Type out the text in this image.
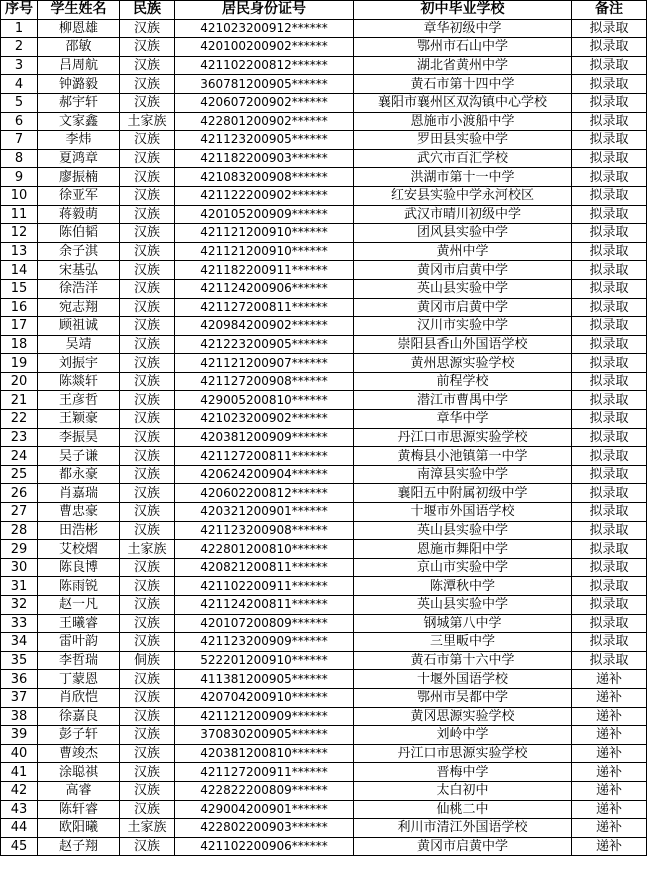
序号	学生姓名	民族	居民身份证号	初中毕业学校	备注
1	柳恩雄	汉族	421023200912******	章华初级中学	拟录取
2	邵敏	汉族	420100200902******	鄂州市石山中学	拟录取
3	吕周航	汉族	421102200812******	湖北省黄州中学	拟录取
4	钟潞毅	汉族	360781200905******	黄石市第十四中学	拟录取
5	郝宇轩	汉族	420607200902******	襄阳市襄州区双沟镇中心学校	拟录取
6	文家鑫	土家族	422801200902******	恩施市小渡船中学	拟录取
7	李炜	汉族	421123200905******	罗田县实验中学	拟录取
8	夏鸿章	汉族	421182200903******	武穴市百汇学校	拟录取
9	廖振楠	汉族	421083200908******	洪湖市第十一中学	拟录取
10	徐亚军	汉族	421122200902******	红安县实验中学永河校区	拟录取
11	蒋毅萌	汉族	420105200909******	武汉市晴川初级中学	拟录取
12	陈伯韬	汉族	421121200910******	团风县实验中学	拟录取
13	余子淇	汉族	421121200910******	黄州中学	拟录取
14	宋基弘	汉族	421182200911******	黄冈市启黄中学	拟录取
15	徐浩洋	汉族	421124200906******	英山县实验中学	拟录取
16	宛志翔	汉族	421127200811******	黄冈市启黄中学	拟录取
17	顾祖诚	汉族	420984200902******	汉川市实验中学	拟录取
18	吴靖	汉族	421223200905******	崇阳县香山外国语学校	拟录取
19	刘振宇	汉族	421121200907******	黄州思源实验学校	拟录取
20	陈燚轩	汉族	421127200908******	前程学校	拟录取
21	王彦哲	汉族	429005200810******	潜江市曹禺中学	拟录取
22	王颖豪	汉族	421023200902******	章华中学	拟录取
23	李振昊	汉族	420381200909******	丹江口市思源实验学校	拟录取
24	吴子谦	汉族	421127200811******	黄梅县小池镇第一中学	拟录取
25	都永豪	汉族	420624200904******	南漳县实验中学	拟录取
26	肖嘉瑞	汉族	420602200812******	襄阳五中附属初级中学	拟录取
27	曹忠豪	汉族	420321200901******	十堰市外国语学校	拟录取
28	田浩彬	汉族	421123200908******	英山县实验中学	拟录取
29	艾校熠	土家族	422801200810******	恩施市舞阳中学	拟录取
30	陈良博	汉族	420821200811******	京山市实验中学	拟录取
31	陈雨锐	汉族	421102200911******	陈潭秋中学	拟录取
32	赵一凡	汉族	421124200811******	英山县实验中学	拟录取
33	王曦睿	汉族	420107200809******	钢城第八中学	拟录取
34	雷叶韵	汉族	421123200909******	三里畈中学	拟录取
35	李哲瑞	侗族	522201200910******	黄石市第十六中学	拟录取
36	丁蒙恩	汉族	411381200905******	十堰外国语学校	递补
37	肖欣恺	汉族	420704200910******	鄂州市吴都中学	递补
38	徐嘉良	汉族	421121200909******	黄冈思源实验学校	递补
39	彭子轩	汉族	370830200905******	刘岭中学	递补
40	曹竣杰	汉族	420381200810******	丹江口市思源实验学校	递补
41	涂聪祺	汉族	421127200911******	晋梅中学	递补
42	高睿	汉族	422822200809******	太白初中	递补
43	陈轩睿	汉族	429004200901******	仙桃二中	递补
44	欧阳曦	土家族	422802200903******	利川市清江外国语学校	递补
45	赵子翔	汉族	421102200906******	黄冈市启黄中学	递补
